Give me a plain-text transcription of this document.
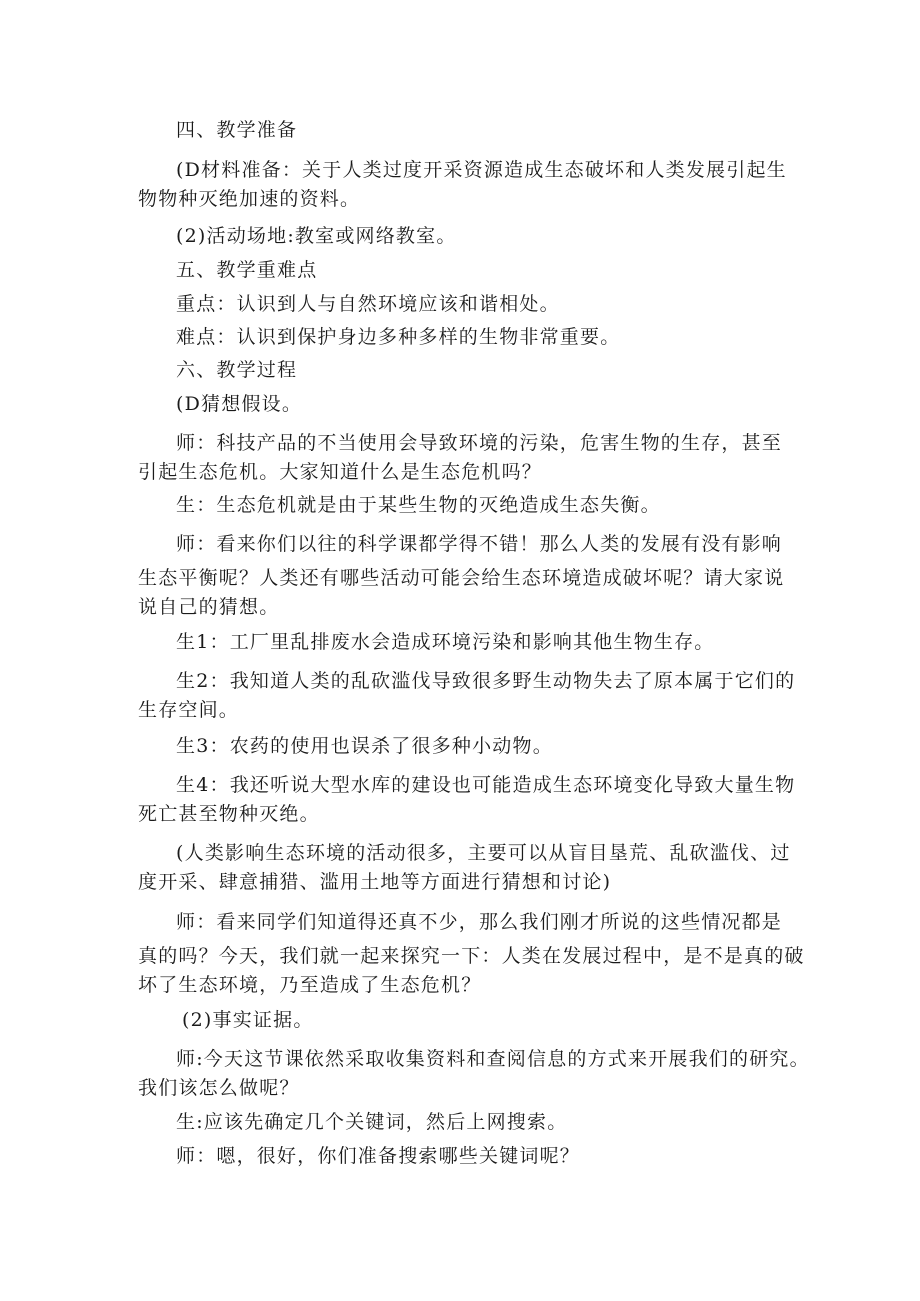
四、教学准备
(D材料准备：关于人类过度开采资源造成生态破坏和人类发展引起生
物物种灭绝加速的资料。
(2)活动场地:教室或网络教室。
五、教学重难点
重点：认识到人与自然环境应该和谐相处。
难点：认识到保护身边多种多样的生物非常重要。
六、教学过程
(D猜想假设。
师：科技产品的不当使用会导致环境的污染，危害生物的生存，甚至
引起生态危机。大家知道什么是生态危机吗？
生：生态危机就是由于某些生物的灭绝造成生态失衡。
师：看来你们以往的科学课都学得不错！那么人类的发展有没有影响
生态平衡呢？人类还有哪些活动可能会给生态环境造成破坏呢？请大家说
说自己的猜想。
生1：工厂里乱排废水会造成环境污染和影响其他生物生存。
生2：我知道人类的乱砍滥伐导致很多野生动物失去了原本属于它们的
生存空间。
生3：农药的使用也误杀了很多种小动物。
生4：我还听说大型水库的建设也可能造成生态环境变化导致大量生物
死亡甚至物种灭绝。
(人类影响生态环境的活动很多，主要可以从盲目垦荒、乱砍滥伐、过
度开采、肆意捕猎、滥用土地等方面进行猜想和讨论)
师：看来同学们知道得还真不少，那么我们刚才所说的这些情况都是
真的吗？今天，我们就一起来探究一下：人类在发展过程中，是不是真的破
坏了生态环境，乃至造成了生态危机？
(2)事实证据。
师:今天这节课依然采取收集资料和查阅信息的方式来开展我们的研究。
我们该怎么做呢？
生:应该先确定几个关键词，然后上网搜索。
师：嗯，很好，你们准备搜索哪些关键词呢？
